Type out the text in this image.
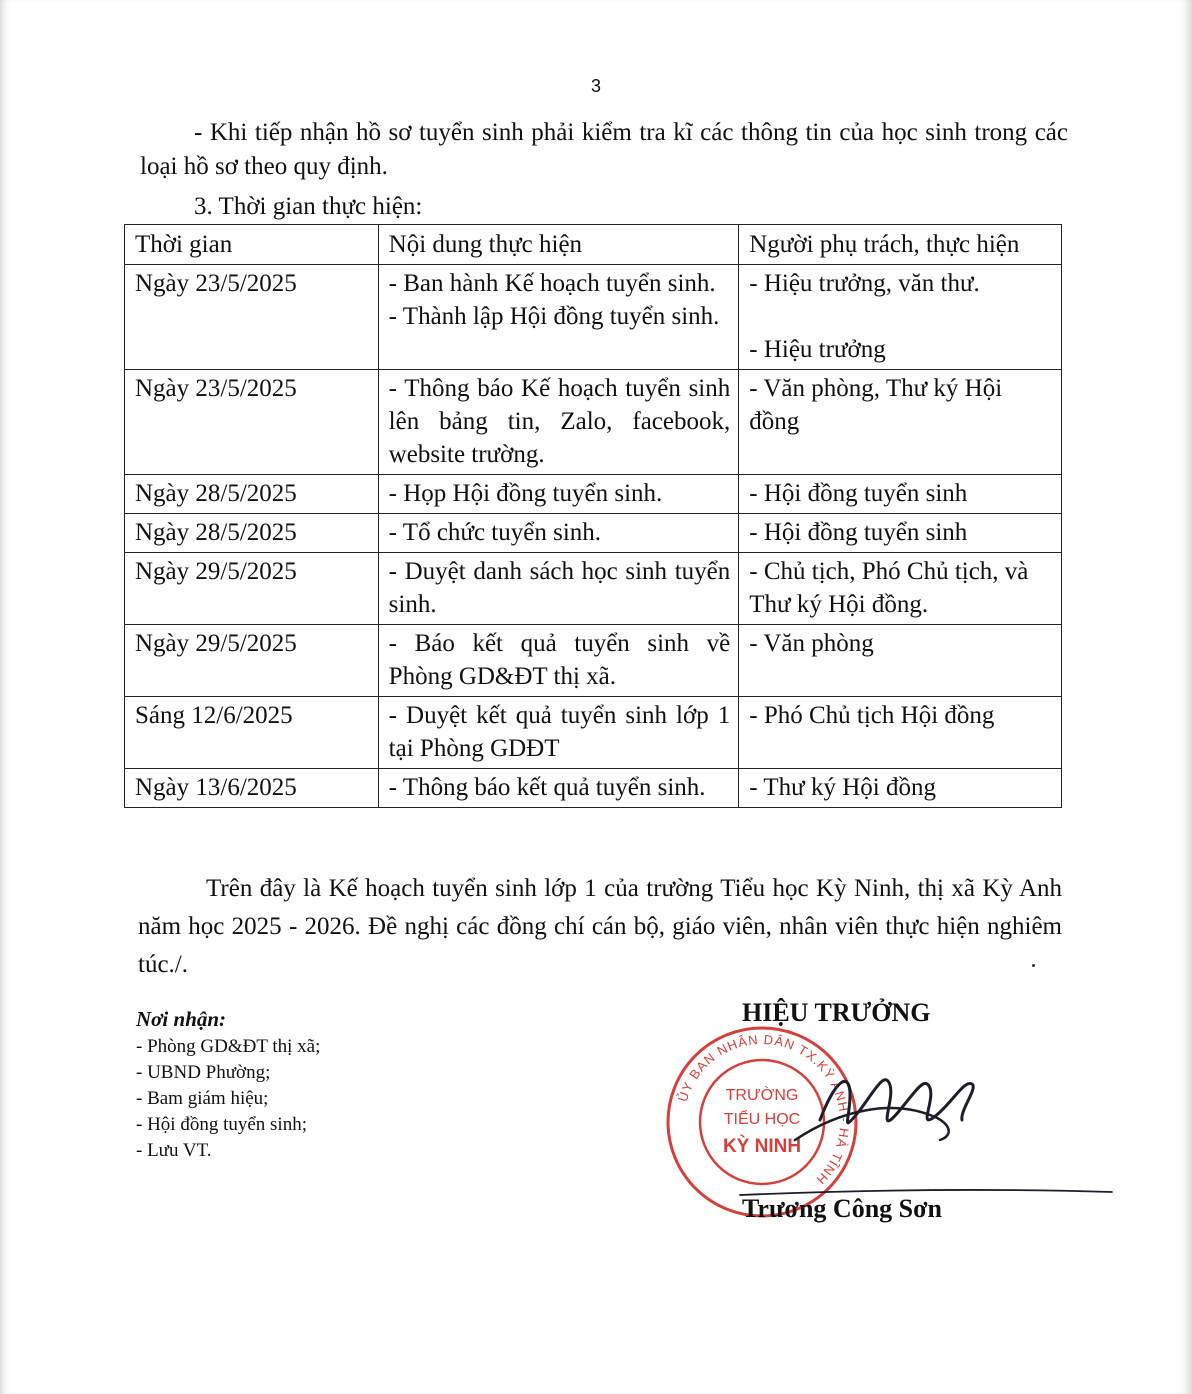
3
- Khi tiếp nhận hồ sơ tuyển sinh phải kiểm tra kĩ các thông tin của học sinh trong các loại hồ sơ theo quy định.
3. Thời gian thực hiện:
Thời gian	Nội dung thực hiện	Người phụ trách, thực hiện
Ngày 23/5/2025	- Ban hành Kế hoạch tuyển sinh.
- Thành lập Hội đồng tuyển sinh.

- Hiệu trưởng, văn thư.
- Hiệu trưởng

Ngày 23/5/2025	- Thông báo Kế hoạch tuyển sinh lên bảng tin, Zalo, facebook, website trường.

- Văn phòng, Thư ký Hội đồng

Ngày 28/5/2025	- Họp Hội đồng tuyển sinh.	- Hội đồng tuyển sinh

Ngày 28/5/2025	- Tổ chức tuyển sinh.	- Hội đồng tuyển sinh

Ngày 29/5/2025	- Duyệt danh sách học sinh tuyển sinh.

- Chủ tịch, Phó Chủ tịch, và Thư ký Hội đồng.

Ngày 29/5/2025	- Báo kết quả tuyển sinh về Phòng GD&ĐT thị xã.

- Văn phòng

Sáng 12/6/2025	- Duyệt kết quả tuyển sinh lớp 1 tại Phòng GDĐT

- Phó Chủ tịch Hội đồng

Ngày 13/6/2025	- Thông báo kết quả tuyển sinh.	- Thư ký Hội đồng
Trên đây là Kế hoạch tuyển sinh lớp 1 của trường Tiểu học Kỳ Ninh, thị xã Kỳ Anh năm học 2025 - 2026. Đề nghị các đồng chí cán bộ, giáo viên, nhân viên thực hiện nghiêm túc./.
Nơi nhận:
- Phòng GD&ĐT thị xã;
- UBND Phường;
- Bam giám hiệu;
- Hội đồng tuyển sinh;
- Lưu VT.
HIỆU TRƯỞNG
ỦY BAN NHÂN DÂN TX.KỲ ANH - HÀ TĨNH
TRƯỜNG
TIỂU HỌC
KỲ NINH
Trương Công Sơn
